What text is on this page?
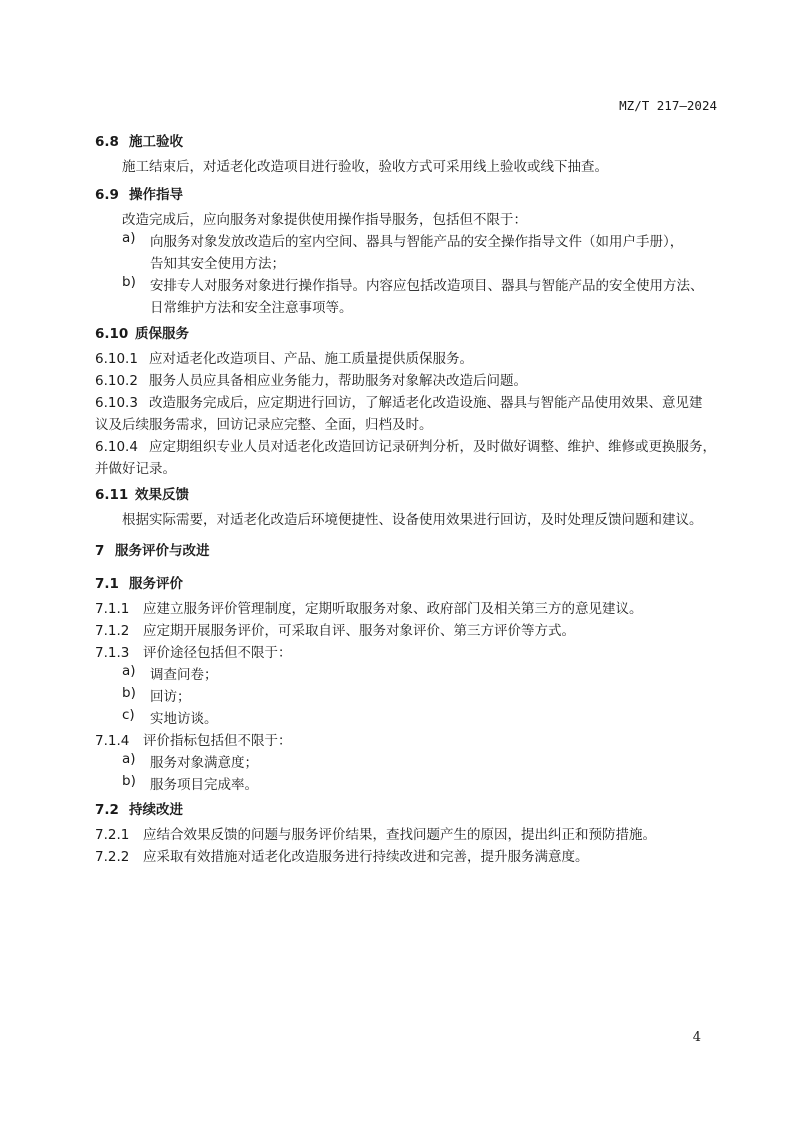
MZ/T 217—2024
6.8 施工验收
施工结束后，对适老化改造项目进行验收，验收方式可采用线上验收或线下抽查。
6.9 操作指导
改造完成后，应向服务对象提供使用操作指导服务，包括但不限于：
a) 向服务对象发放改造后的室内空间、器具与智能产品的安全操作指导文件（如用户手册），
告知其安全使用方法；
b) 安排专人对服务对象进行操作指导。内容应包括改造项目、器具与智能产品的安全使用方法、
日常维护方法和安全注意事项等。
6.10 质保服务
6.10.1 应对适老化改造项目、产品、施工质量提供质保服务。
6.10.2 服务人员应具备相应业务能力，帮助服务对象解决改造后问题。
6.10.3 改造服务完成后，应定期进行回访，了解适老化改造设施、器具与智能产品使用效果、意见建
议及后续服务需求，回访记录应完整、全面，归档及时。
6.10.4 应定期组织专业人员对适老化改造回访记录研判分析，及时做好调整、维护、维修或更换服务，
并做好记录。
6.11 效果反馈
根据实际需要，对适老化改造后环境便捷性、设备使用效果进行回访，及时处理反馈问题和建议。
7 服务评价与改进
7.1 服务评价
7.1.1 应建立服务评价管理制度，定期听取服务对象、政府部门及相关第三方的意见建议。
7.1.2 应定期开展服务评价，可采取自评、服务对象评价、第三方评价等方式。
7.1.3 评价途径包括但不限于：
a) 调查问卷；
b) 回访；
c) 实地访谈。
7.1.4 评价指标包括但不限于：
a) 服务对象满意度；
b) 服务项目完成率。
7.2 持续改进
7.2.1 应结合效果反馈的问题与服务评价结果，查找问题产生的原因，提出纠正和预防措施。
7.2.2 应采取有效措施对适老化改造服务进行持续改进和完善，提升服务满意度。
4
